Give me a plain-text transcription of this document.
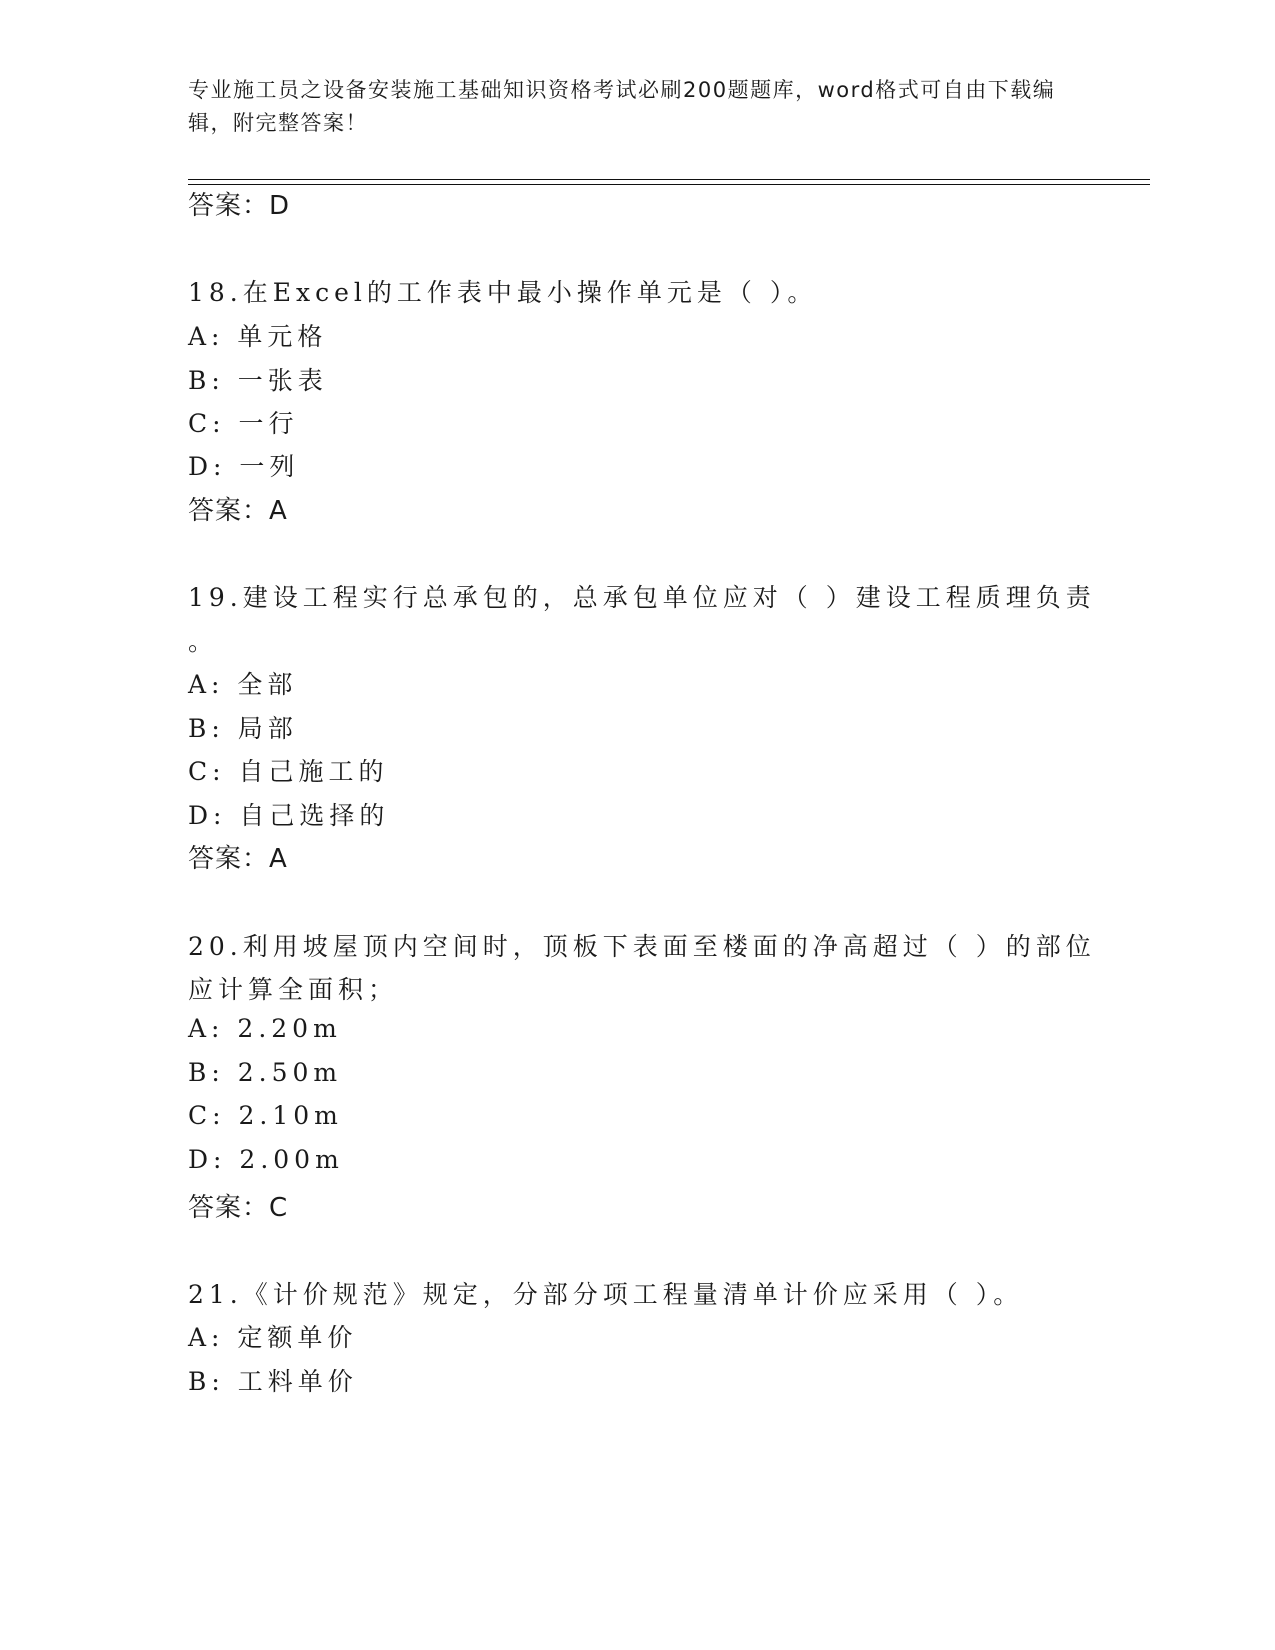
专业施工员之设备安装施工基础知识资格考试必刷200题题库，word格式可自由下载编辑，附完整答案！
答案：D
18.在Excel的工作表中最小操作单元是（ ）。
A: 单元格
B: 一张表
C: 一行
D: 一列
答案：A
19.建设工程实行总承包的，总承包单位应对（ ）建设工程质理负责
。
A: 全部
B: 局部
C: 自己施工的
D: 自己选择的
答案：A
20.利用坡屋顶内空间时，顶板下表面至楼面的净高超过（ ）的部位
应计算全面积；
A: 2.20m
B: 2.50m
C: 2.10m
D: 2.00m
答案：C
21.《计价规范》规定，分部分项工程量清单计价应采用（ ）。
A: 定额单价
B: 工料单价
